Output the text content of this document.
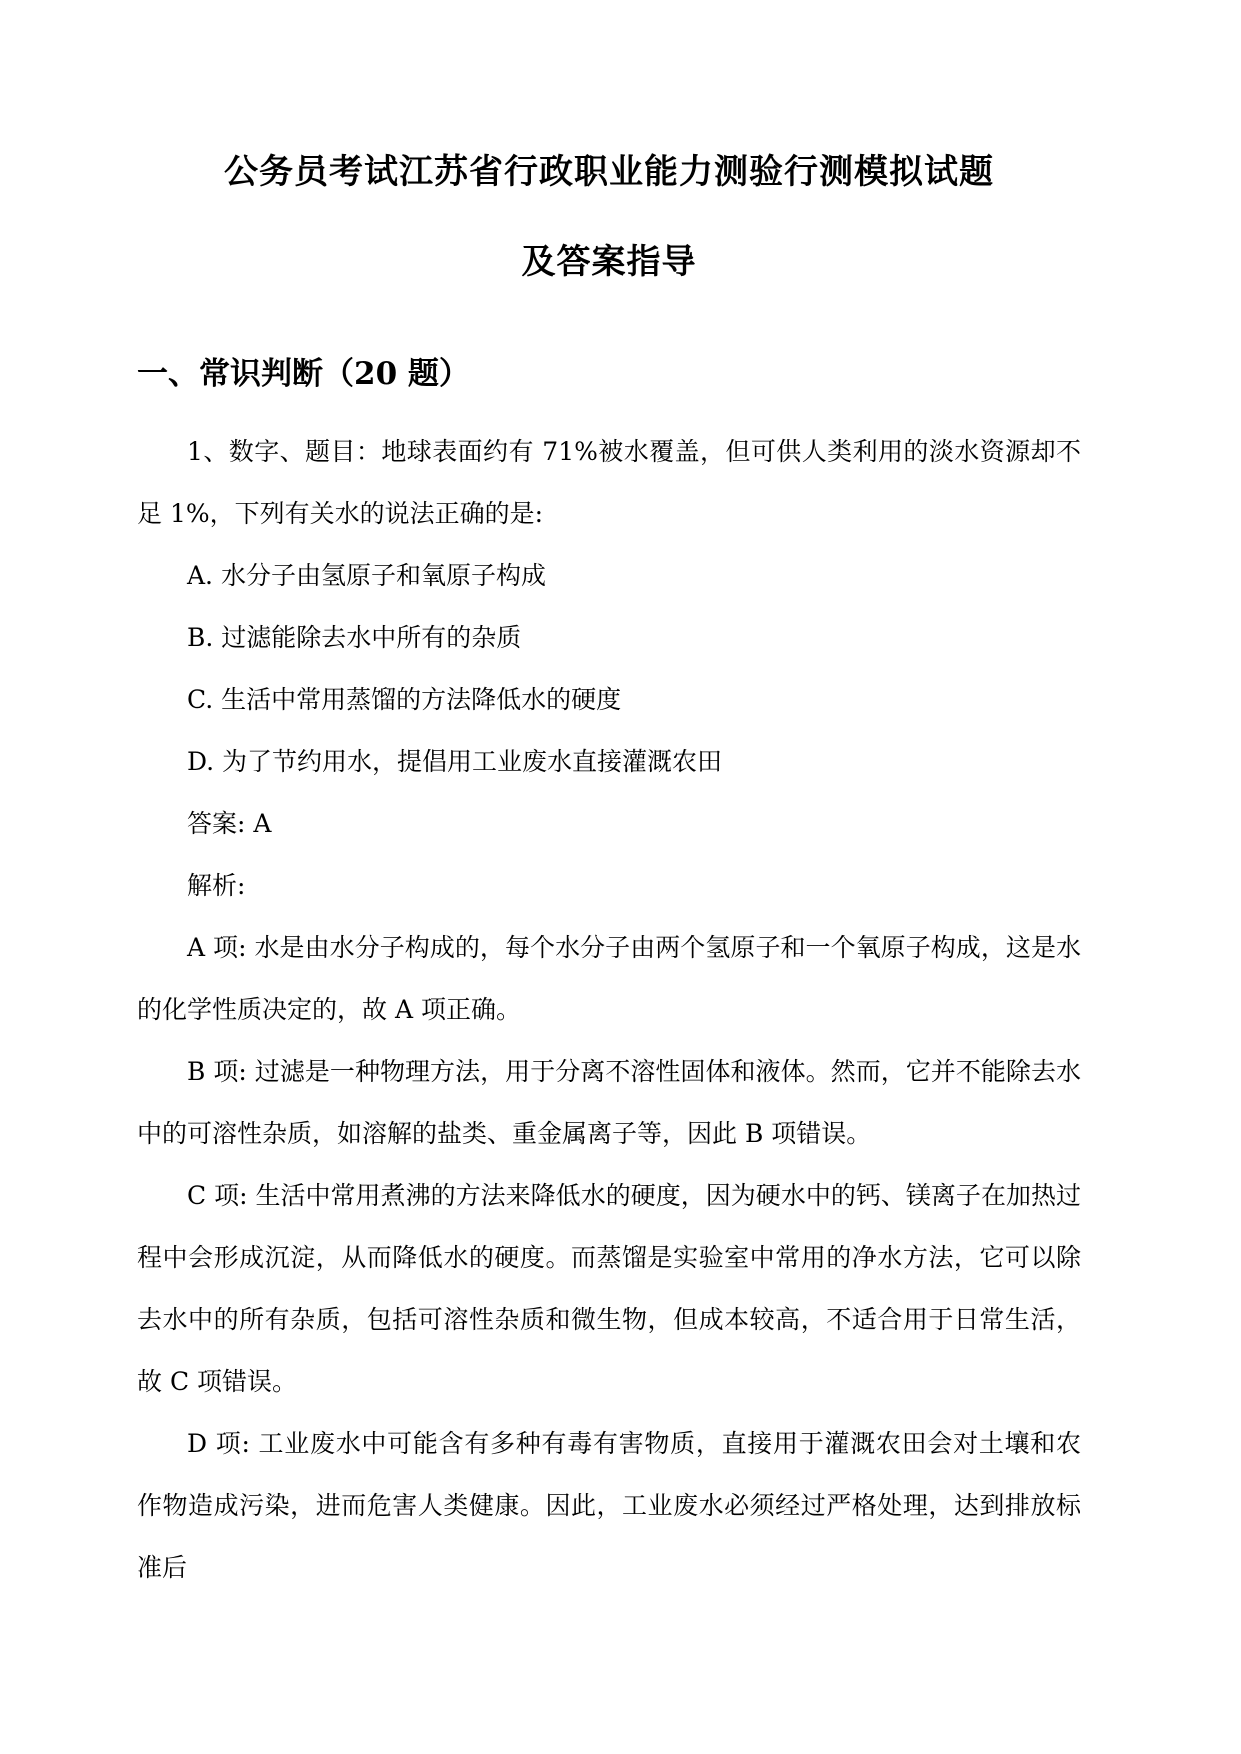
公务员考试江苏省行政职业能力测验行测模拟试题
及答案指导
一、常识判断（20 题）

1、数字、题目：地球表面约有 71%被水覆盖，但可供人类利用的淡水资源却不足 1%，下列有关水的说法正确的是:

A. 水分子由氢原子和氧原子构成

B. 过滤能除去水中所有的杂质

C. 生活中常用蒸馏的方法降低水的硬度

D. 为了节约用水，提倡用工业废水直接灌溉农田

答案: A

解析:

A 项: 水是由水分子构成的，每个水分子由两个氢原子和一个氧原子构成，这是水的化学性质决定的，故 A 项正确。

B 项: 过滤是一种物理方法，用于分离不溶性固体和液体。然而，它并不能除去水中的可溶性杂质，如溶解的盐类、重金属离子等，因此 B 项错误。

C 项: 生活中常用煮沸的方法来降低水的硬度，因为硬水中的钙、镁离子在加热过程中会形成沉淀，从而降低水的硬度。而蒸馏是实验室中常用的净水方法，它可以除去水中的所有杂质，包括可溶性杂质和微生物，但成本较高，不适合用于日常生活，故 C 项错误。

D 项: 工业废水中可能含有多种有毒有害物质，直接用于灌溉农田会对土壤和农作物造成污染，进而危害人类健康。因此，工业废水必须经过严格处理，达到排放标准后
